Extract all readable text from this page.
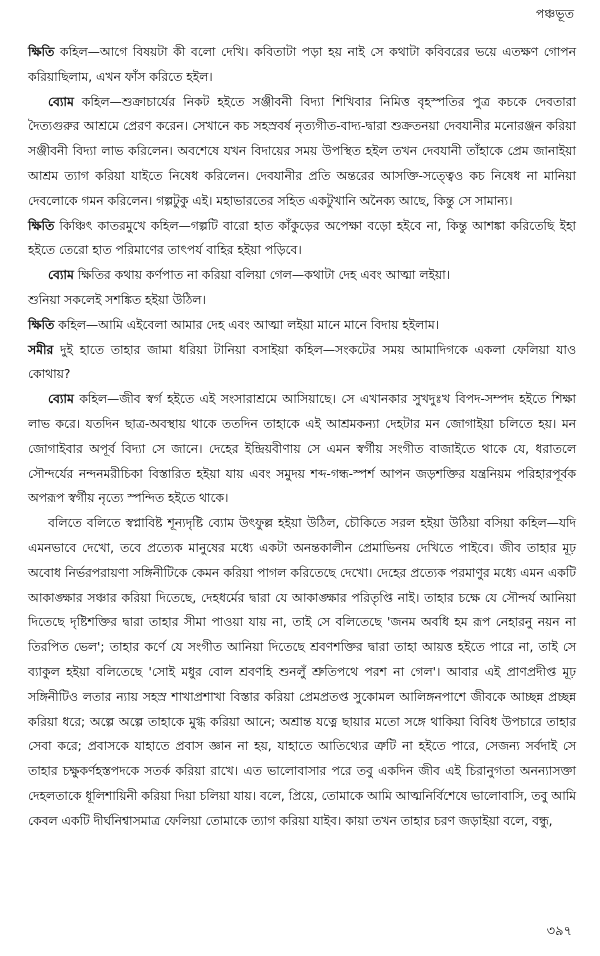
পঞ্চভূত

ক্ষিতি কহিল—আগে বিষয়টা কী বলো দেখি। কবিতাটা পড়া হয় নাই সে কথাটা কবিবরের ভয়ে এতক্ষণ গোপন করিয়াছিলাম, এখন ফাঁস করিতে হইল।

ব্যোম কহিল—শুক্রাচার্যের নিকট হইতে সঞ্জীবনী বিদ্যা শিখিবার নিমিত্ত বৃহস্পতির পুত্র কচকে দেবতারা দৈত্যগুরুর আশ্রমে প্রেরণ করেন। সেখানে কচ সহস্রবর্ষ নৃত্যগীত-বাদ্য-দ্বারা শুক্রতনয়া দেবযানীর মনোরঞ্জন করিয়া সঞ্জীবনী বিদ্যা লাভ করিলেন। অবশেষে যখন বিদায়ের সময় উপস্থিত হইল তখন দেবযানী তাঁহাকে প্রেম জানাইয়া আশ্রম ত্যাগ করিয়া যাইতে নিষেধ করিলেন। দেবযানীর প্রতি অন্তরের আসক্তি-সত্ত্বেও কচ নিষেধ না মানিয়া দেবলোকে গমন করিলেন। গল্পটুকু এই। মহাভারতের সহিত একটুখানি অনৈক্য আছে, কিন্তু সে সামান্য।

ক্ষিতি কিঞ্চিৎ কাতরমুখে কহিল—গল্পটি বারো হাত কাঁকুড়ের অপেক্ষা বড়ো হইবে না, কিন্তু আশঙ্কা করিতেছি ইহা হইতে তেরো হাত পরিমাণের তাৎপর্য বাহির হইয়া পড়িবে।

ব্যোম ক্ষিতির কথায় কর্ণপাত না করিয়া বলিয়া গেল—কথাটা দেহ এবং আত্মা লইয়া।

শুনিয়া সকলেই সশঙ্কিত হইয়া উঠিল।

ক্ষিতি কহিল—আমি এইবেলা আমার দেহ এবং আত্মা লইয়া মানে মানে বিদায় হইলাম।

সমীর দুই হাতে তাহার জামা ধরিয়া টানিয়া বসাইয়া কহিল—সংকটের সময় আমাদিগকে একলা ফেলিয়া যাও কোথায়?

ব্যোম কহিল—জীব স্বর্গ হইতে এই সংসারাশ্রমে আসিয়াছে। সে এখানকার সুখদুঃখ বিপদ-সম্পদ হইতে শিক্ষা লাভ করে। যতদিন ছাত্র-অবস্থায় থাকে ততদিন তাহাকে এই আশ্রমকন্যা দেহটার মন জোগাইয়া চলিতে হয়। মন জোগাইবার অপূর্ব বিদ্যা সে জানে। দেহের ইন্দ্রিয়বীণায় সে এমন স্বর্গীয় সংগীত বাজাইতে থাকে যে, ধরাতলে সৌন্দর্যের নন্দনমরীচিকা বিস্তারিত হইয়া যায় এবং সমুদয় শব্দ-গন্ধ-স্পর্শ আপন জড়শক্তির যন্ত্রনিয়ম পরিহারপূর্বক অপরূপ স্বর্গীয় নৃত্যে স্পন্দিত হইতে থাকে।

বলিতে বলিতে স্বপ্নাবিষ্ট শূন্যদৃষ্টি ব্যোম উৎফুল্ল হইয়া উঠিল, চৌকিতে সরল হইয়া উঠিয়া বসিয়া কহিল—যদি এমনভাবে দেখো, তবে প্রত্যেক মানুষের মধ্যে একটা অনন্তকালীন প্রেমাভিনয় দেখিতে পাইবে। জীব তাহার মূঢ় অবোধ নির্ভরপরায়ণা সঙ্গিনীটিকে কেমন করিয়া পাগল করিতেছে দেখো। দেহের প্রত্যেক পরমাণুর মধ্যে এমন একটি আকাঙ্ক্ষার সঞ্চার করিয়া দিতেছে, দেহধর্মের দ্বারা যে আকাঙ্ক্ষার পরিতৃপ্তি নাই। তাহার চক্ষে যে সৌন্দর্য আনিয়া দিতেছে দৃষ্টিশক্তির দ্বারা তাহার সীমা পাওয়া যায় না, তাই সে বলিতেছে 'জনম অবধি হম রূপ নেহারনু নয়ন না তিরপিত ভেল'; তাহার কর্ণে যে সংগীত আনিয়া দিতেছে শ্রবণশক্তির দ্বারা তাহা আয়ত্ত হইতে পারে না, তাই সে ব্যাকুল হইয়া বলিতেছে 'সোই মধুর বোল শ্রবণহি শুনলুঁ শ্রুতিপথে পরশ না গেল'। আবার এই প্রাণপ্রদীপ্ত মূঢ় সঙ্গিনীটিও লতার ন্যায় সহস্র শাখাপ্রশাখা বিস্তার করিয়া প্রেমপ্রতপ্ত সুকোমল আলিঙ্গনপাশে জীবকে আচ্ছন্ন প্রচ্ছন্ন করিয়া ধরে; অল্পে অল্পে তাহাকে মুগ্ধ করিয়া আনে; অশ্রান্ত যত্নে ছায়ার মতো সঙ্গে থাকিয়া বিবিধ উপচারে তাহার সেবা করে; প্রবাসকে যাহাতে প্রবাস জ্ঞান না হয়, যাহাতে আতিথ্যের ত্রুটি না হইতে পারে, সেজন্য সর্বদাই সে তাহার চক্ষুকর্ণহস্তপদকে সতর্ক করিয়া রাখে। এত ভালোবাসার পরে তবু একদিন জীব এই চিরানুগতা অনন্যাসক্তা দেহলতাকে ধূলিশায়িনী করিয়া দিয়া চলিয়া যায়। বলে, প্রিয়ে, তোমাকে আমি আত্মনির্বিশেষে ভালোবাসি, তবু আমি কেবল একটি দীর্ঘনিশ্বাসমাত্র ফেলিয়া তোমাকে ত্যাগ করিয়া যাইব। কায়া তখন তাহার চরণ জড়াইয়া বলে, বন্ধু,

৩৯৭
